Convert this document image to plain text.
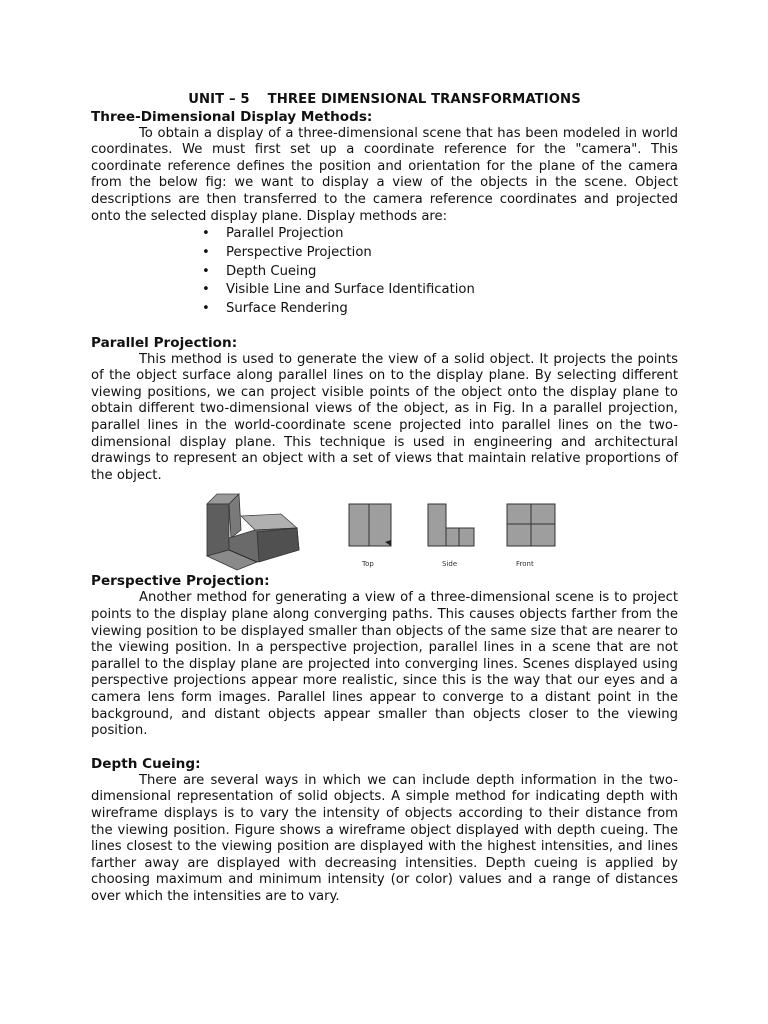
UNIT – 5 THREE DIMENSIONAL TRANSFORMATIONS
Three-Dimensional Display Methods:

To obtain a display of a three-dimensional scene that has been modeled in world coordinates. We must first set up a coordinate reference for the "camera". This coordinate reference defines the position and orientation for the plane of the camera from the below fig: we want to display a view of the objects in the scene. Object descriptions are then transferred to the camera reference coordinates and projected onto the selected display plane. Display methods are:

• Parallel Projection
• Perspective Projection
• Depth Cueing
• Visible Line and Surface Identification
• Surface Rendering
Parallel Projection:

This method is used to generate the view of a solid object. It projects the points of the object surface along parallel lines on to the display plane. By selecting different viewing positions, we can project visible points of the object onto the display plane to obtain different two-dimensional views of the object, as in Fig. In a parallel projection, parallel lines in the world-coordinate scene projected into parallel lines on the two-dimensional display plane. This technique is used in engineering and architectural drawings to represent an object with a set of views that maintain relative proportions of the object.

Top	Side	Front
Perspective Projection:

Another method for generating a view of a three-dimensional scene is to project points to the display plane along converging paths. This causes objects farther from the viewing position to be displayed smaller than objects of the same size that are nearer to the viewing position. In a perspective projection, parallel lines in a scene that are not parallel to the display plane are projected into converging lines. Scenes displayed using perspective projections appear more realistic, since this is the way that our eyes and a camera lens form images. Parallel lines appear to converge to a distant point in the background, and distant objects appear smaller than objects closer to the viewing position.

Depth Cueing:

There are several ways in which we can include depth information in the two-dimensional representation of solid objects. A simple method for indicating depth with wireframe displays is to vary the intensity of objects according to their distance from the viewing position. Figure shows a wireframe object displayed with depth cueing. The lines closest to the viewing position are displayed with the highest intensities, and lines farther away are displayed with decreasing intensities. Depth cueing is applied by choosing maximum and minimum intensity (or color) values and a range of distances over which the intensities are to vary.
